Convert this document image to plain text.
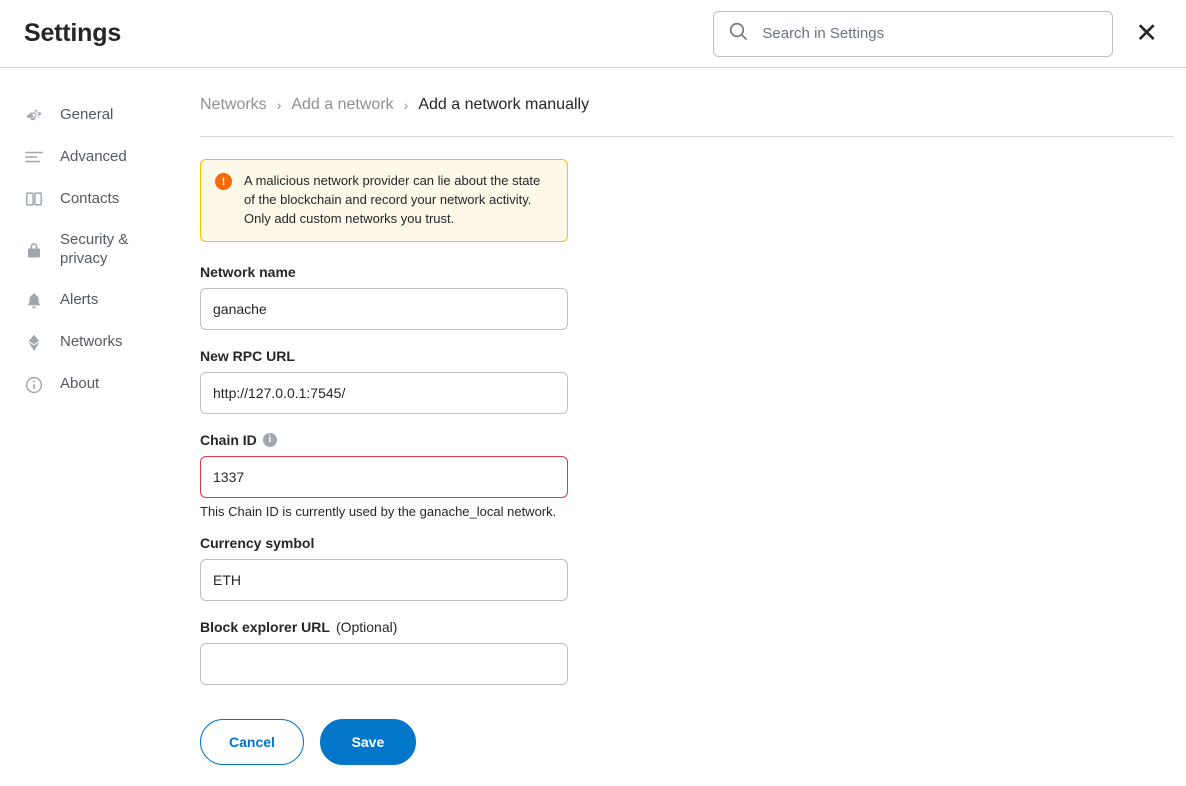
Settings
Search in Settings	✕
General
Advanced
Contacts
Security & privacy
Alerts
Networks
About
Networks › Add a network › Add a network manually
!	A malicious network provider can lie about the state of the blockchain and record your network activity. Only add custom networks you trust.
Network name
ganache
New RPC URL
http://127.0.0.1:7545/
Chain ID	i
1337
This Chain ID is currently used by the ganache_local network.
Currency symbol
ETH
Block explorer URL (Optional)
Cancel	Save
